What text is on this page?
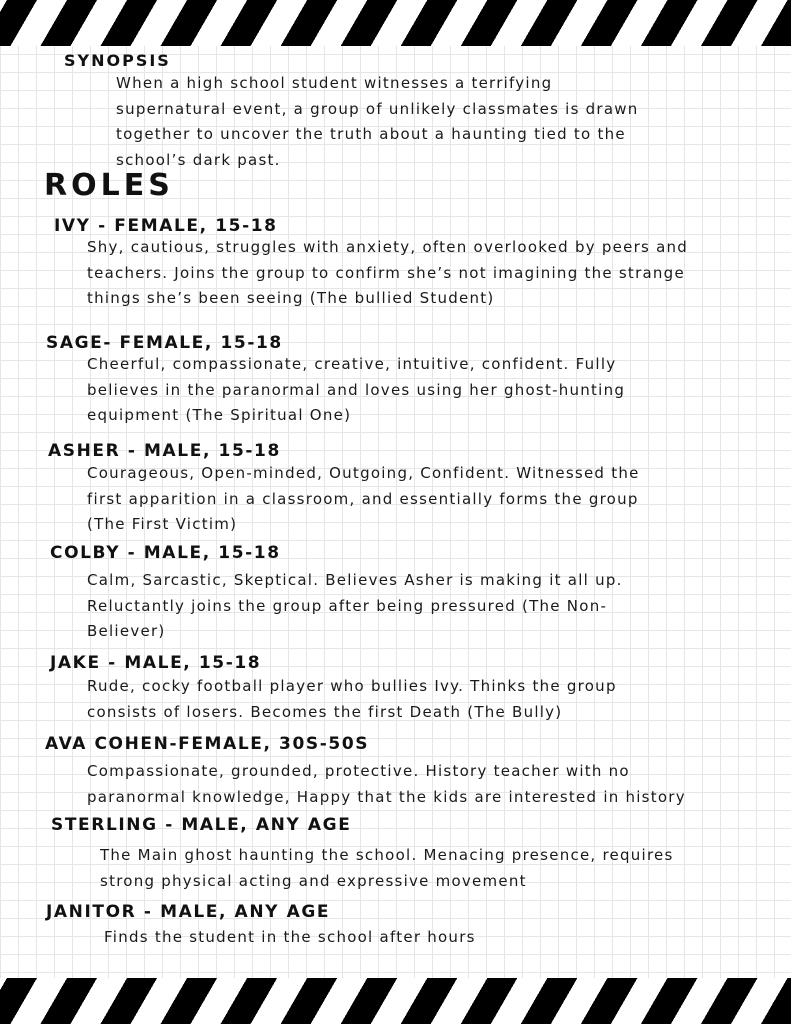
SYNOPSIS
When a high school student witnesses a terrifying
supernatural event, a group of unlikely classmates is drawn
together to uncover the truth about a haunting tied to the
school’s dark past.
ROLES
IVY - FEMALE, 15-18
Shy, cautious, struggles with anxiety, often overlooked by peers and
teachers. Joins the group to confirm she’s not imagining the strange
things she’s been seeing (The bullied Student)
SAGE- FEMALE, 15-18
Cheerful, compassionate, creative, intuitive, confident. Fully
believes in the paranormal and loves using her ghost-hunting
equipment (The Spiritual One)
ASHER - MALE, 15-18
Courageous, Open-minded, Outgoing, Confident. Witnessed the
first apparition in a classroom, and essentially forms the group
(The First Victim)
COLBY - MALE, 15-18
Calm, Sarcastic, Skeptical. Believes Asher is making it all up.
Reluctantly joins the group after being pressured (The Non-
Believer)
JAKE - MALE, 15-18
Rude, cocky football player who bullies Ivy. Thinks the group
consists of losers. Becomes the first Death (The Bully)
AVA COHEN-FEMALE, 30S-50S
Compassionate, grounded, protective. History teacher with no
paranormal knowledge, Happy that the kids are interested in history
STERLING - MALE, ANY AGE
The Main ghost haunting the school. Menacing presence, requires
strong physical acting and expressive movement
JANITOR - MALE, ANY AGE
Finds the student in the school after hours
